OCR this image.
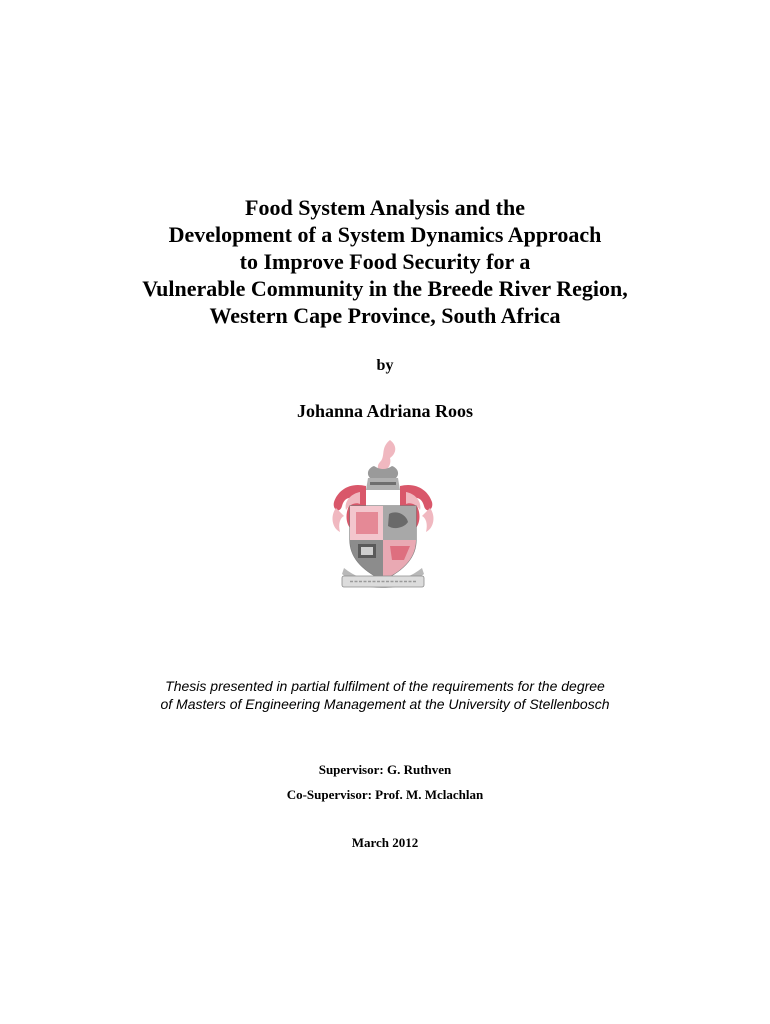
Food System Analysis and the
Development of a System Dynamics Approach
to Improve Food Security for a
Vulnerable Community in the Breede River Region,
Western Cape Province, South Africa
by
Johanna Adriana Roos
Thesis presented in partial fulfilment of the requirements for the degree
of Masters of Engineering Management at the University of Stellenbosch
Supervisor: G. Ruthven
Co-Supervisor: Prof. M. Mclachlan
March 2012
